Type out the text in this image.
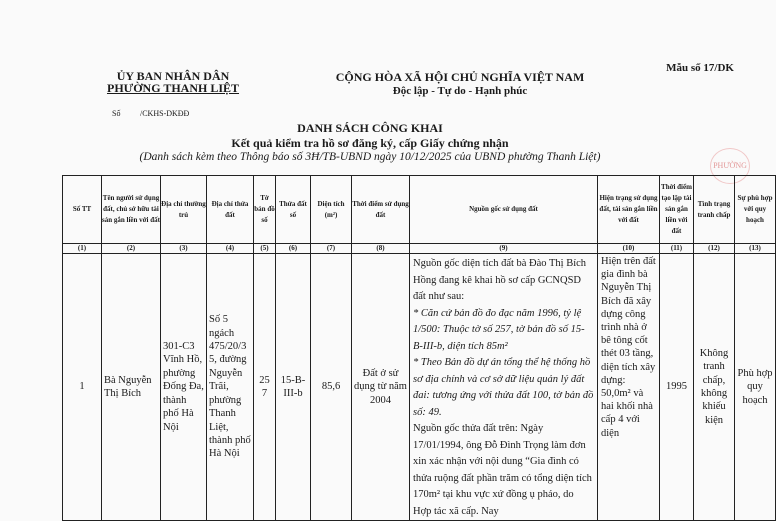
Mẫu số 17/DK
ỦY BAN NHÂN DÂN
PHƯỜNG THANH LIỆT
Số /CKHS-DKĐĐ
CỘNG HÒA XÃ HỘI CHỦ NGHĨA VIỆT NAM
Độc lập - Tự do - Hạnh phúc
DANH SÁCH CÔNG KHAI
Kết quả kiểm tra hồ sơ đăng ký, cấp Giấy chứng nhận
(Danh sách kèm theo Thông báo số 3Ħ/TB-UBND ngày 10/12/2025 của UBND phường Thanh Liệt)
PHƯỜNG
Số TT	Tên người sử dụng đất, chủ sở hữu tài sản gắn liền với đất	Địa chỉ thường trú	Địa chỉ thửa đất	Tờ bản đồ số	Thửa đất số	Diện tích (m²)	Thời điểm sử dụng đất	Nguồn gốc sử dụng đất	Hiện trạng sử dụng đất, tài sản gắn liền với đất	Thời điểm tạo lập tài sản gắn liền với đất	Tình trạng tranh chấp	Sự phù hợp với quy hoạch
(1)	(2)	(3)	(4)	(5)	(6)	(7)	(8)	(9)	(10)	(11)	(12)	(13)
1	Bà Nguyễn Thị Bích	301-C3 Vĩnh Hồ, phường Đống Đa, thành phố Hà Nội	Số 5 ngách 475/20/3 5, đường Nguyễn Trãi, phường Thanh Liệt, thành phố Hà Nội	25 7	15-B-III-b	85,6	Đất ở sử dụng từ năm 2004	Nguồn gốc diện tích đất bà Đào Thị Bích Hồng đang kê khai hồ sơ cấp GCNQSD đất như sau:

* Căn cứ bản đồ đo đạc năm 1996, tỷ lệ 1/500: Thuộc tờ số 257, tờ bản đồ số 15-B-III-b, diện tích 85m²

* Theo Bản đồ dự án tổng thể hệ thống hồ sơ địa chính và cơ sở dữ liệu quản lý đất đai: tương ứng với thửa đất 100, tờ bản đồ số: 49.

Nguồn gốc thửa đất trên: Ngày 17/01/1994, ông Đỗ Đình Trọng làm đơn xin xác nhận với nội dung “Gia đình có thửa ruộng đất phần trăm có tổng diện tích 170m² tại khu vực xứ đồng ụ pháo, do Hợp tác xã cấp. Nay	Hiện trên đất gia đình bà Nguyễn Thị Bích đã xây dựng công trình nhà ở bê tông cốt thét 03 tầng, diện tích xây dựng: 50,0m² và hai khối nhà cấp 4 với diện	1995	Không tranh chấp, không khiếu kiện	Phù hợp quy hoạch
